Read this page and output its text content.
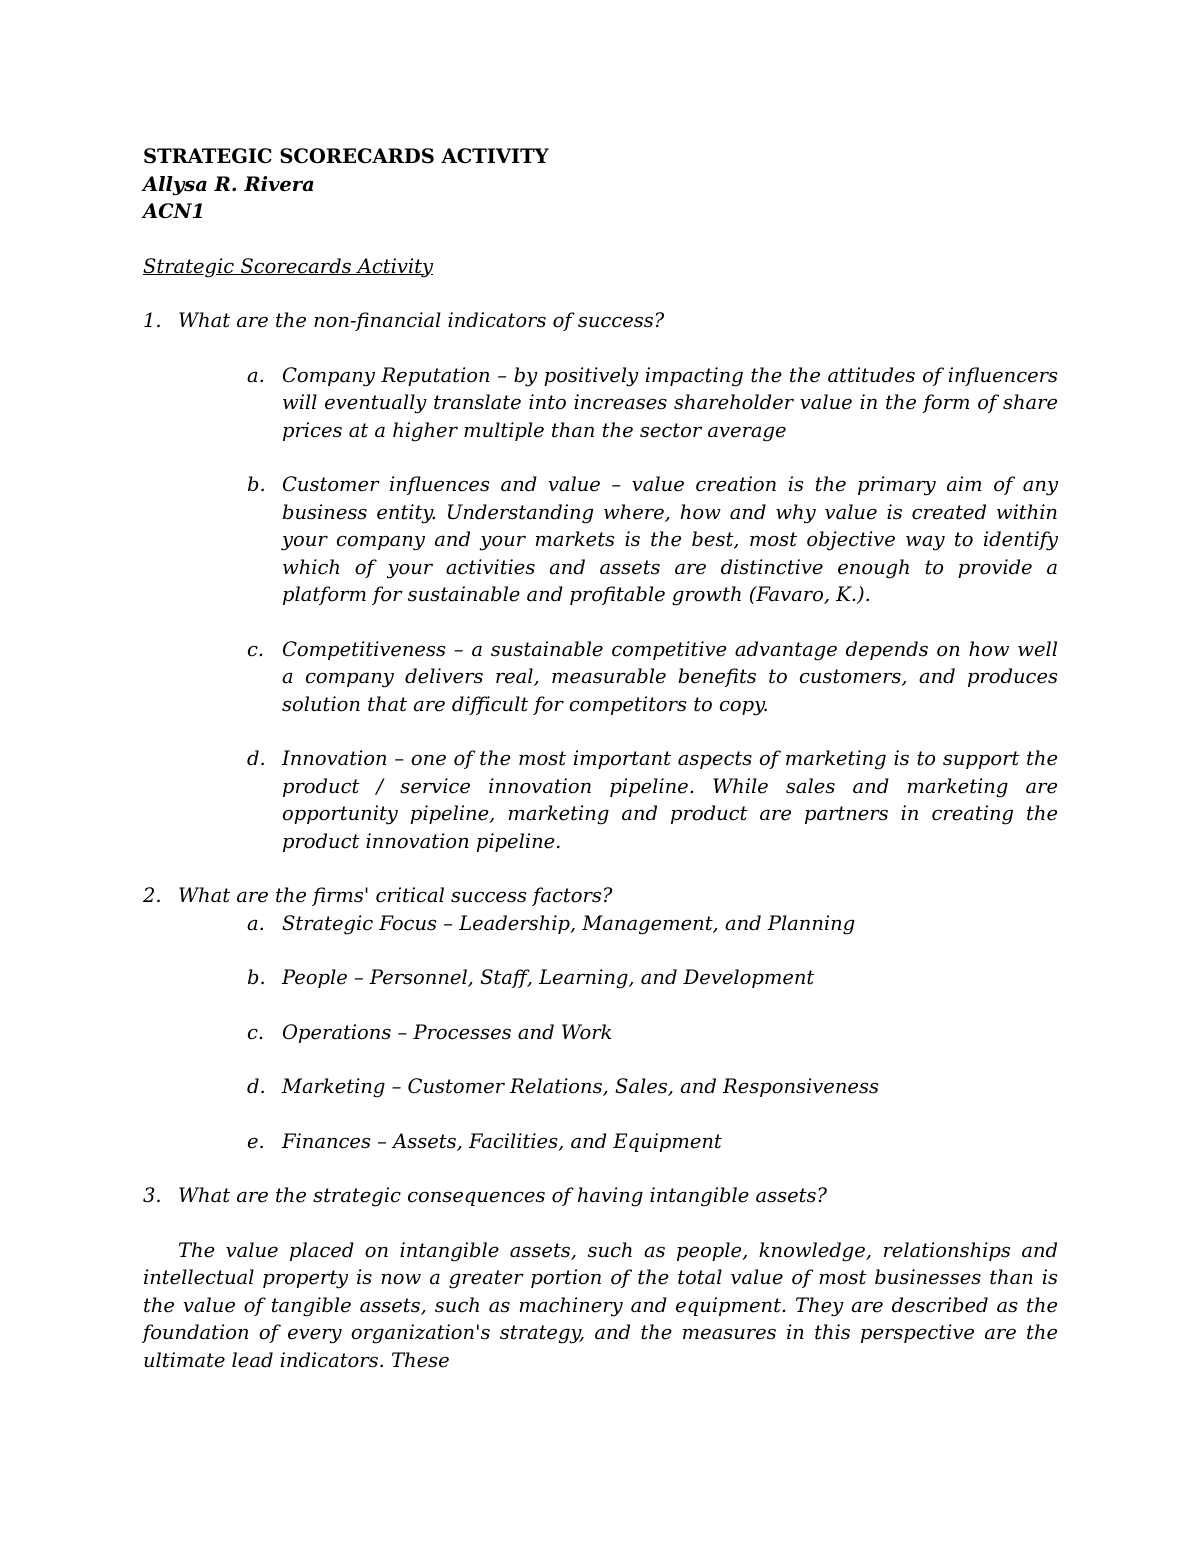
STRATEGIC SCORECARDS ACTIVITY

Allysa R. Rivera

ACN1

Strategic Scorecards Activity

1. What are the non-financial indicators of success?
a. Company Reputation – by positively impacting the the attitudes of influencers will eventually translate into increases shareholder value in the form of share prices at a higher multiple than the sector average
b. Customer influences and value – value creation is the primary aim of any business entity. Understanding where, how and why value is created within your company and your markets is the best, most objective way to identify which of your activities and assets are distinctive enough to provide a platform for sustainable and profitable growth (Favaro, K.).
c. Competitiveness – a sustainable competitive advantage depends on how well a company delivers real, measurable benefits to customers, and produces solution that are difficult for competitors to copy.
d. Innovation – one of the most important aspects of marketing is to support the product / service innovation pipeline. While sales and marketing are opportunity pipeline, marketing and product are partners in creating the product innovation pipeline.
2. What are the firms' critical success factors?
a. Strategic Focus – Leadership, Management, and Planning
b. People – Personnel, Staff, Learning, and Development
c. Operations – Processes and Work
d. Marketing – Customer Relations, Sales, and Responsiveness
e. Finances – Assets, Facilities, and Equipment
3. What are the strategic consequences of having intangible assets?

The value placed on intangible assets, such as people, knowledge, relationships and intellectual property is now a greater portion of the total value of most businesses than is the value of tangible assets, such as machinery and equipment. They are described as the foundation of every organization's strategy, and the measures in this perspective are the ultimate lead indicators. These
